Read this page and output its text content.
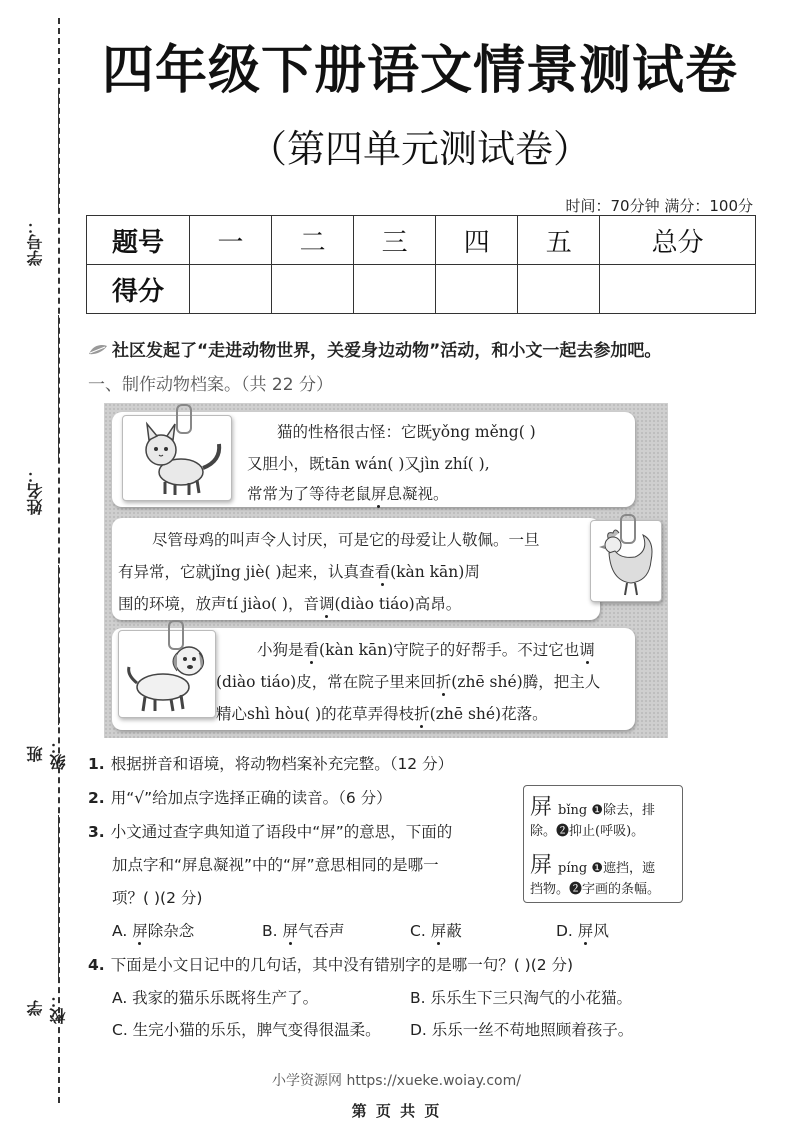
学号：
姓名：
班级：
学校：
四年级下册语文情景测试卷
（第四单元测试卷）
时间：70分钟 满分：100分
题号	一	二	三	四	五	总分
得分						
社区发起了“走进动物世界，关爱身边动物”活动，和小文一起去参加吧。
一、制作动物档案。（共 22 分）
猫的性格很古怪：它既yǒng měng( )
又胆小，既tān wán( )又jìn zhí( ),
常常为了等待老鼠屏息凝视。
尽管母鸡的叫声令人讨厌，可是它的母爱让人敬佩。一旦
有异常，它就jǐng jiè( )起来，认真查看(kàn kān)周
围的环境，放声tí jiào( )，音调(diào tiáo)高昂。
小狗是看(kàn kān)守院子的好帮手。不过它也调
(diào tiáo)皮，常在院子里来回折(zhē shé)腾，把主人
精心shì hòu( )的花草弄得枝折(zhē shé)花落。
1. 根据拼音和语境，将动物档案补充完整。（12 分）
2. 用“√”给加点字选择正确的读音。（6 分）
3. 小文通过查字典知道了语段中“屏”的意思，下面的
加点字和“屏息凝视”中的“屏”意思相同的是哪一
项？( )(2 分)
A. 屏除杂念	B. 屏气吞声	C. 屏蔽	D. 屏风
4. 下面是小文日记中的几句话，其中没有错别字的是哪一句？( )(2 分)
A. 我家的猫乐乐既将生产了。	B. 乐乐生下三只淘气的小花猫。
C. 生完小猫的乐乐，脾气变得很温柔。 D. 乐乐一丝不苟地照顾着孩子。
屏bǐng ❶除去，排
除。❷抑止(呼吸)。
屏píng ❶遮挡，遮
挡物。❷字画的条幅。
小学资源网 https://xueke.woiay.com/
第 页 共 页
